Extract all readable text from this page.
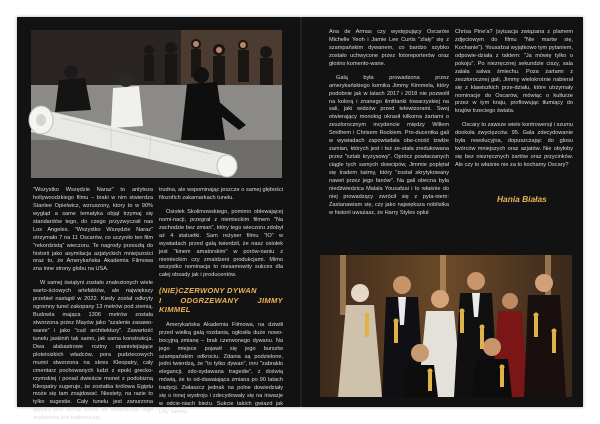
"Wszystko Wszędzie Naraz" to antyteza hollywoodzkiego filmu – braki w nim stwierdza Stanlee Opielwicz, wzruszony, ktory to w 90% wygląd a same tematyka objął trzymaj się standardów tego, do czego przyzwyczaił nas Los Angeles. "Wszystko Wszędzie Naraz" otrzymało 7 na 11 Oscarów, co uczyniło ten film "rekordzistą" wieczoru. Te nagrody przeszłą do historii jako asymilacja azjatyckich mniejszości oraz to, że Amerykańska Akademia Filmowa zna inne strony globu na USA.

W samej świątyni zostało znalezionych wiele warto-ściowych artefaktów, ale największy przebieł nastąpił w 2022. Kiedy został odkryty ogromny tunel zakopany 13 metrów pod ziemią. Budowla mająca 1306 metrów została stworzona przez Mayów jako "szalenie zasawo-wanie" i jako "cud architektury". Zawartość tunelu jaskiniń tak samo, jak sama konstrukcja. Dwa alabastrowe roztny opanietejiające ploteinizkich władców, pora pudziecowych mumii stworzona na skres Kleopatry, cały cmentarz pochowanych ludzi z epoki grecko-rzymskiej i ponad dwieście monet z podobizną Kleopatry sugeruje, że zostatka królowa Egiptu może się tam znajdować. Niestety, na razie to tylko sugestie. Cały tunelu jest zanurzona głębiko pod wodą, przez co eksploracja tego znaleziska jest nadzwyczaj

trudna, ale wspominając jeszcze o samej głębości filozofich zakamarkach tunelu.

Osiołek Skolimowskiego, pomimo oblewającej nomi-nacji, przegrał z niemieckim filmem "Na zachodzie bez zmian", który tego wieczoru zdobył aż 4 statuetki. Sam reżyser filmu "IO" w wywiadach przed galą twierdził, że nasz osiołek jest "kinem amatorskim" w porów-naniu z niemieckim czy zmaidzeni produkcjami. Mimo wszystko nominacja to niesamowity sukces dla całej obsady jak i producentów.

(NIE)CZERWONY DYWAN
I ODGRZEWANY JIMMY KIMMEL

Amerykańska Akademia Filmowa, na dziwiłi przed wielką galą rozdania, ogłosiła duże nowo-bocyjną zmianę – brak czerwonego dywanu. Na jego miejsce pojawił się jego bursztw szampańskim odkrociu. Zdania są podzielone, jedni twierdzą, że "to tylko dywan", inni "zabrakło elegancji, zdo-sydawana tragedie", z doświą mówią, że to od-dawaiająca zmiana po 90 latach tradycji. Zwłaszcz jednak na polne dowiedziały się o innej wystroju i zdecydowały się na inwazje w odcie-niach bieżu. Sukcie takich gwiazd jak Lilly James,

Ana de Armas czy występujący Oscarów Michelle Yeoh i Jamie Lee Curtis "zlały" się z szampańskim dywanem, co bardzo szybko zostało uchwycone przez fotoreporterów oraz głośno komento-wane.

Galą była prowadzona przez amerykańskiego komika Jimmy Kimmela, który podobnie jak w latach 2017 i 2018 nie pozwolił na kolorą i znanego ilmittanki towarzyskiej na sali, jaki widzów przed telewizorami. Swoj otwierający monolog okrasił kilkoma żartami o zeszłorocznym incydencie między Willem Smithem i Chrisem Rockiem. Pro-ducentka gali w wywiadach zapowiadała obe-cność tzwłże zamian, których jest i też ze-stała zredukowana przez "sztab kryzysowy". Oprócz powtarzanych ciągle tych samych dowcipów, Jimmie poplętał się tradem taśmy, który "został skrytykowany nawet przez jego fanów". Na gali obecna była niedźwiedzica Malala Yousafzai i to właśnie do niej prowadzący zwrócił się z pyta-niem: Zastanawiam się, czy jako największa noblistka w historii uważasz, że Harry Styles opluł

Chrisa Pine'a? (sytuacja związana z plamem zdjęciowym do filmu "Nie martw się, Kochanie"). Yousafzai wyjątkowo tym pytaniem, odpowie-działa z taktem: "Ja mówię tylko o pokoju". Po niezręcznej sekundzie ciszy, sala zalała salwa śmiechu. Poza żartami z zeszłorocznej gali, Jimmy wielokrotnie nabierał się z klawiszkich prze-działu, które utrzymały nominacje do Oscarów, mówiąc o kulturze przez w tym kraju, proflowując tłumiący do krajów trzeciego świata.

Oscary to zawsze wiele kontrowersji i szumu dookoła zwycięzców. 95. Gala zdecydowanie była rewolucyjna, dopuszczając do glosu twórców mniejszych oraz azjatów. Nie obyłoby się bez niezręcznych żartów oraz przycinków. Ale czy to właśnie nie za to kochamy Oscary?

Hania Białas
